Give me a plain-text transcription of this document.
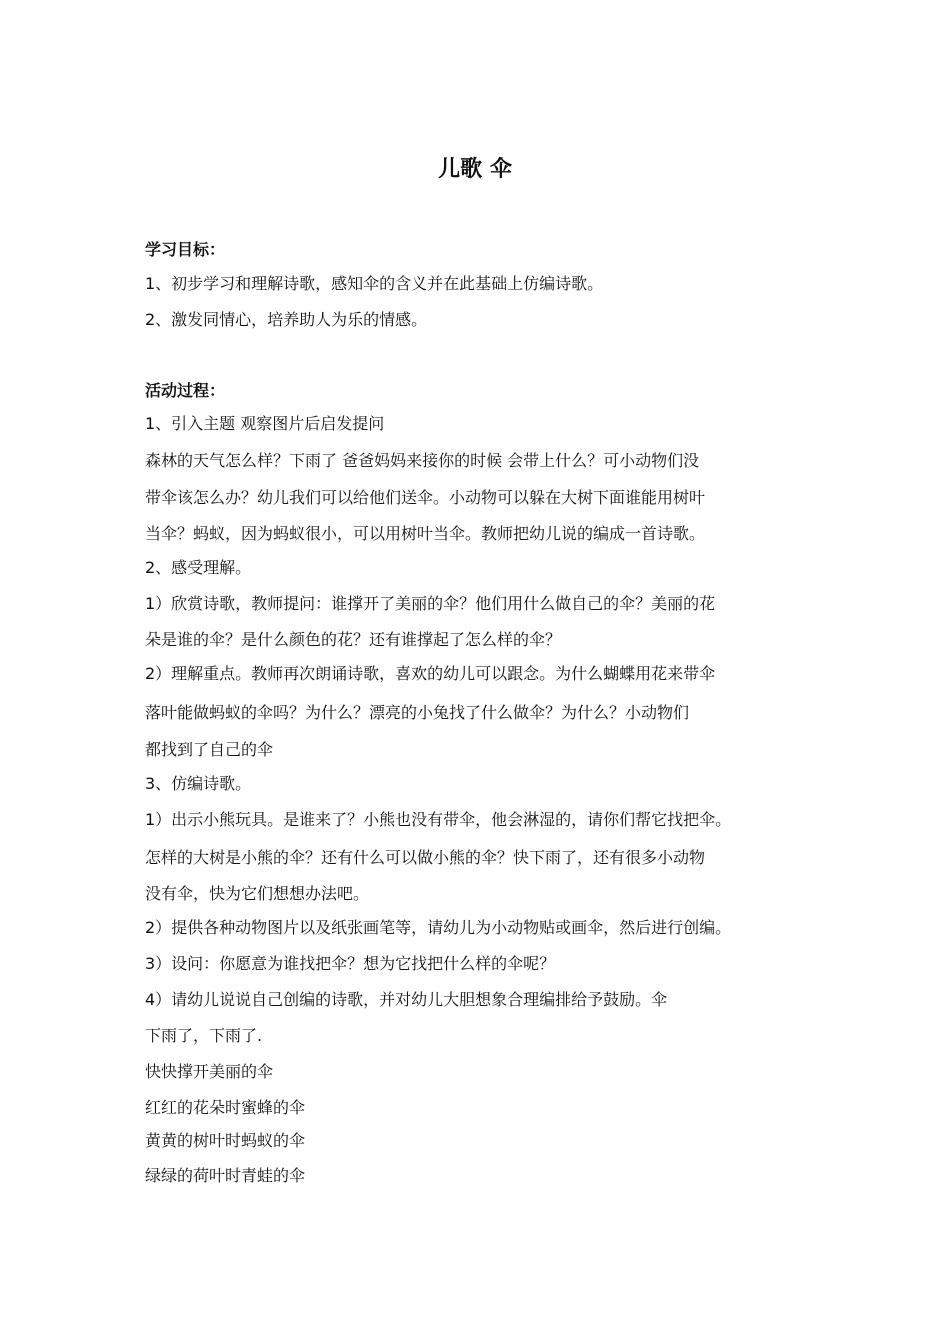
儿歌 伞

学习目标：

1、初步学习和理解诗歌，感知伞的含义并在此基础上仿编诗歌。

2、激发同情心，培养助人为乐的情感。

活动过程：

1、引入主题 观察图片后启发提问

森林的天气怎么样？下雨了 爸爸妈妈来接你的时候 会带上什么？可小动物们没

带伞该怎么办？幼儿我们可以给他们送伞。小动物可以躲在大树下面谁能用树叶

当伞？蚂蚁，因为蚂蚁很小，可以用树叶当伞。教师把幼儿说的编成一首诗歌。

2、感受理解。

1）欣赏诗歌，教师提问：谁撑开了美丽的伞？他们用什么做自己的伞？美丽的花

朵是谁的伞？是什么颜色的花？还有谁撑起了怎么样的伞？

2）理解重点。教师再次朗诵诗歌，喜欢的幼儿可以跟念。为什么蝴蝶用花来带伞

落叶能做蚂蚁的伞吗？为什么？漂亮的小兔找了什么做伞？为什么？小动物们

都找到了自己的伞

3、仿编诗歌。

1）出示小熊玩具。是谁来了？小熊也没有带伞，他会淋湿的，请你们帮它找把伞。

怎样的大树是小熊的伞？还有什么可以做小熊的伞？快下雨了，还有很多小动物

没有伞，快为它们想想办法吧。

2）提供各种动物图片以及纸张画笔等，请幼儿为小动物贴或画伞，然后进行创编。

3）设问：你愿意为谁找把伞？想为它找把什么样的伞呢？

4）请幼儿说说自己创编的诗歌，并对幼儿大胆想象合理编排给予鼓励。伞

下雨了，下雨了.

快快撑开美丽的伞

红红的花朵时蜜蜂的伞

黄黄的树叶时蚂蚁的伞

绿绿的荷叶时青蛙的伞
